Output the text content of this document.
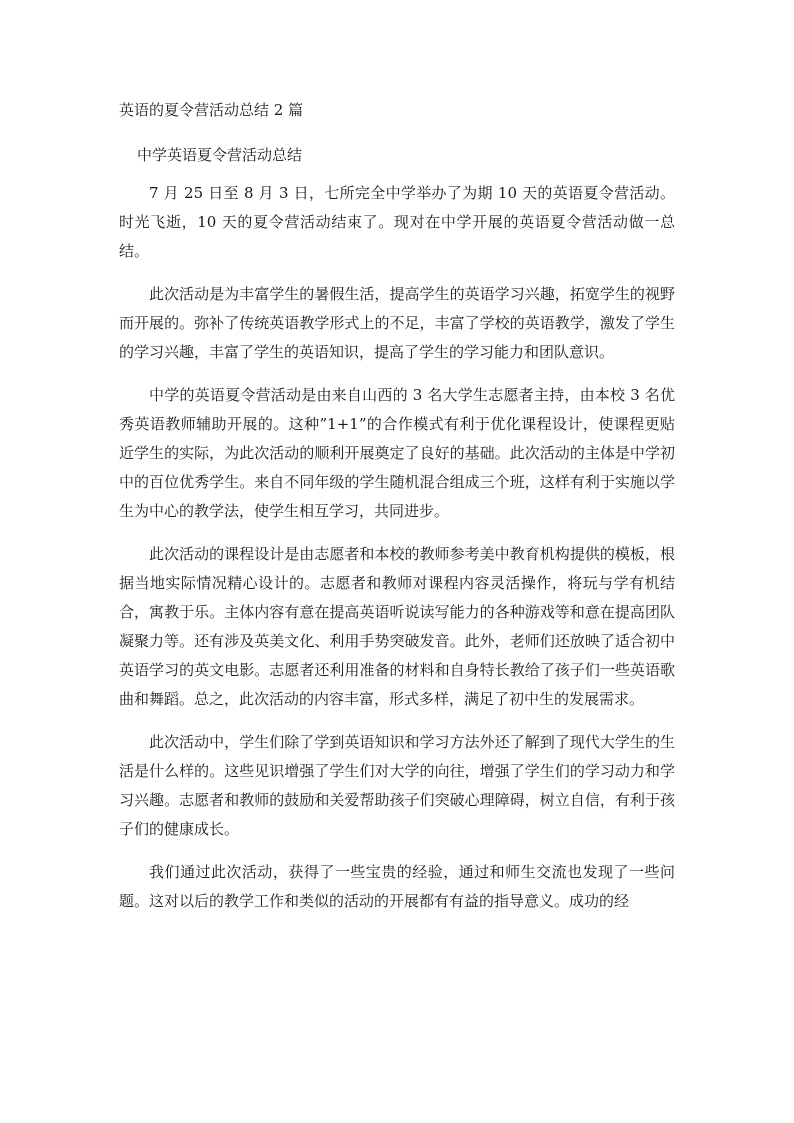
英语的夏令营活动总结 2 篇
中学英语夏令营活动总结

7 月 25 日至 8 月 3 日，七所完全中学举办了为期 10 天的英语夏令营活动。时光飞逝，10 天的夏令营活动结束了。现对在中学开展的英语夏令营活动做一总结。

此次活动是为丰富学生的暑假生活，提高学生的英语学习兴趣，拓宽学生的视野而开展的。弥补了传统英语教学形式上的不足，丰富了学校的英语教学，激发了学生的学习兴趣，丰富了学生的英语知识，提高了学生的学习能力和团队意识。

中学的英语夏令营活动是由来自山西的 3 名大学生志愿者主持，由本校 3 名优秀英语教师辅助开展的。这种”1+1”的合作模式有利于优化课程设计，使课程更贴近学生的实际，为此次活动的顺利开展奠定了良好的基础。此次活动的主体是中学初中的百位优秀学生。来自不同年级的学生随机混合组成三个班，这样有利于实施以学生为中心的教学法，使学生相互学习，共同进步。

此次活动的课程设计是由志愿者和本校的教师参考美中教育机构提供的模板，根据当地实际情况精心设计的。志愿者和教师对课程内容灵活操作，将玩与学有机结合，寓教于乐。主体内容有意在提高英语听说读写能力的各种游戏等和意在提高团队凝聚力等。还有涉及英美文化、利用手势突破发音。此外，老师们还放映了适合初中英语学习的英文电影。志愿者还利用准备的材料和自身特长教给了孩子们一些英语歌曲和舞蹈。总之，此次活动的内容丰富，形式多样，满足了初中生的发展需求。

此次活动中，学生们除了学到英语知识和学习方法外还了解到了现代大学生的生活是什么样的。这些见识增强了学生们对大学的向往，增强了学生们的学习动力和学习兴趣。志愿者和教师的鼓励和关爱帮助孩子们突破心理障碍，树立自信，有利于孩子们的健康成长。

我们通过此次活动，获得了一些宝贵的经验，通过和师生交流也发现了一些问题。这对以后的教学工作和类似的活动的开展都有有益的指导意义。成功的经
